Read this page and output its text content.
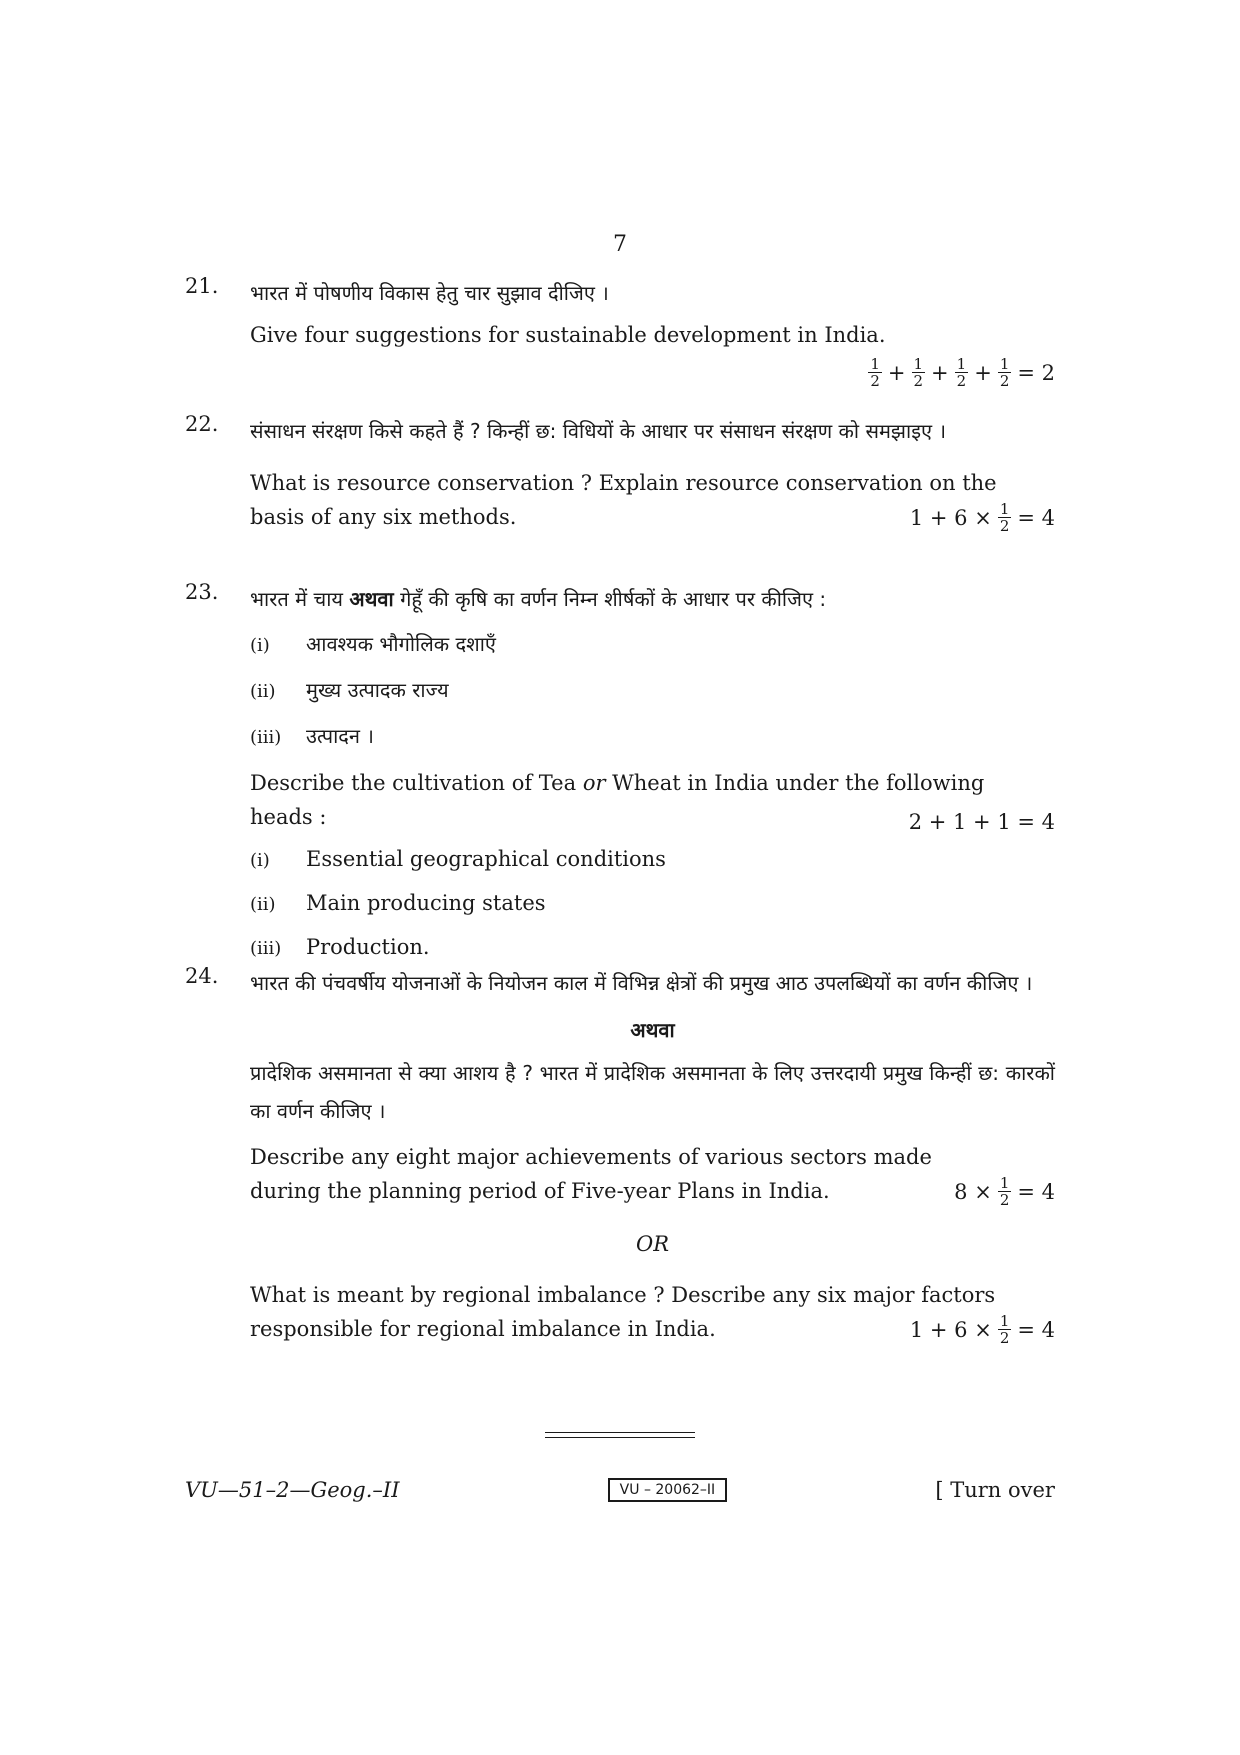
7
21.	भारत में पोषणीय विकास हेतु चार सुझाव दीजिए ।

Give four suggestions for sustainable development in India.

$\frac{1}{2} + \frac{1}{2} + \frac{1}{2} + \frac{1}{2} = 2$
22.	संसाधन संरक्षण किसे कहते हैं ? किन्हीं छ: विधियों के आधार पर संसाधन संरक्षण को समझाइए ।

What is resource conservation ? Explain resource conservation on the

basis of any six methods.	$1 + 6 \times \frac{1}{2} = 4$
23.	भारत में चाय अथवा गेहूँ की कृषि का वर्णन निम्न शीर्षकों के आधार पर कीजिए :

(i)	आवश्यक भौगोलिक दशाएँ
(ii)	मुख्य उत्पादक राज्य
(iii)	उत्पादन ।

Describe the cultivation of Tea or Wheat in India under the following

heads :	2 + 1 + 1 = 4
(i)	Essential geographical conditions
(ii)	Main producing states
(iii)	Production.
24.	भारत की पंचवर्षीय योजनाओं के नियोजन काल में विभिन्न क्षेत्रों की प्रमुख आठ उपलब्धियों का वर्णन कीजिए ।

अथवा

प्रादेशिक असमानता से क्या आशय है ? भारत में प्रादेशिक असमानता के लिए उत्तरदायी प्रमुख किन्हीं छ: कारकों का वर्णन कीजिए ।

Describe any eight major achievements of various sectors made

during the planning period of Five-year Plans in India.	$8 \times \frac{1}{2} = 4$
OR

What is meant by regional imbalance ? Describe any six major factors

responsible for regional imbalance in India.	$1 + 6 \times \frac{1}{2} = 4$
VU—51–2—Geog.–II	VU – 20062–II	[ Turn over
